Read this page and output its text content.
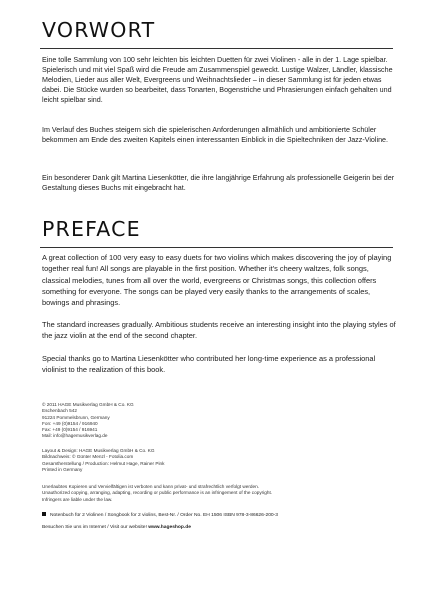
VORWORT

Eine tolle Sammlung von 100 sehr leichten bis leichten Duetten für zwei Violinen - alle in der 1. Lage spielbar. Spielerisch und mit viel Spaß wird die Freude am Zusammenspiel geweckt. Lustige Walzer, Ländler, klassische Melodien, Lieder aus aller Welt, Evergreens und Weihnachtslieder – in dieser Sammlung ist für jeden etwas dabei. Die Stücke wurden so bearbeitet, dass Tonarten, Bogenstriche und Phrasierungen einfach gehalten und leicht spielbar sind.

Im Verlauf des Buches steigern sich die spielerischen Anforderungen allmählich und ambitionierte Schüler bekommen am Ende des zweiten Kapitels einen interessanten Einblick in die Spieltechniken der Jazz-Violine.

Ein besonderer Dank gilt Martina Liesenkötter, die ihre langjährige Erfahrung als professionelle Geigerin bei der Gestaltung dieses Buchs mit eingebracht hat.

PREFACE

A great collection of 100 very easy to easy duets for two violins which makes discovering the joy of playing together real fun! All songs are playable in the first position. Whether it's cheery waltzes, folk songs, classical melodies, tunes from all over the world, evergreens or Christmas songs, this collection offers something for everyone. The songs can be played very easily thanks to the arrangements of scales, bowings and phrasings.

The standard increases gradually. Ambitious students receive an interesting insight into the playing styles of the jazz violin at the end of the second chapter.

Special thanks go to Martina Liesenkötter who contributed her long-time experience as a professional violinist to the realization of this book.

© 2011 HAGE Musikverlag GmbH & Co. KG
Eschenbach 542
91224 Pommelsbrunn, Germany
Fon: +49 (0)9154 / 916940
Fax: +49 (0)9154 / 916941
Mail: info@hagemusikverlag.de
Layout & Design: HAGE Musikverlag GmbH & Co. KG
Bildnachweis: © Günter Menzl - Fotolia.com
Gesamtherstellung / Production: Helmut Hage, Rainer Pink
Printed in Germany
Unerlaubtes Kopieren und Vervielfältigen ist verboten und kann privat- und strafrechtlich verfolgt werden.
Unauthorized copying, arranging, adapting, recording or public performance is an infringement of the copyright.
Infringers are liable under the law.
Notenbuch für 2 Violinen / Songbook for 2 violins, Best-Nr. / Order No. EH 1506 ISBN 978-3-86626-200-3
Besuchen Sie uns im Internet / Visit our website! www.hageshop.de
